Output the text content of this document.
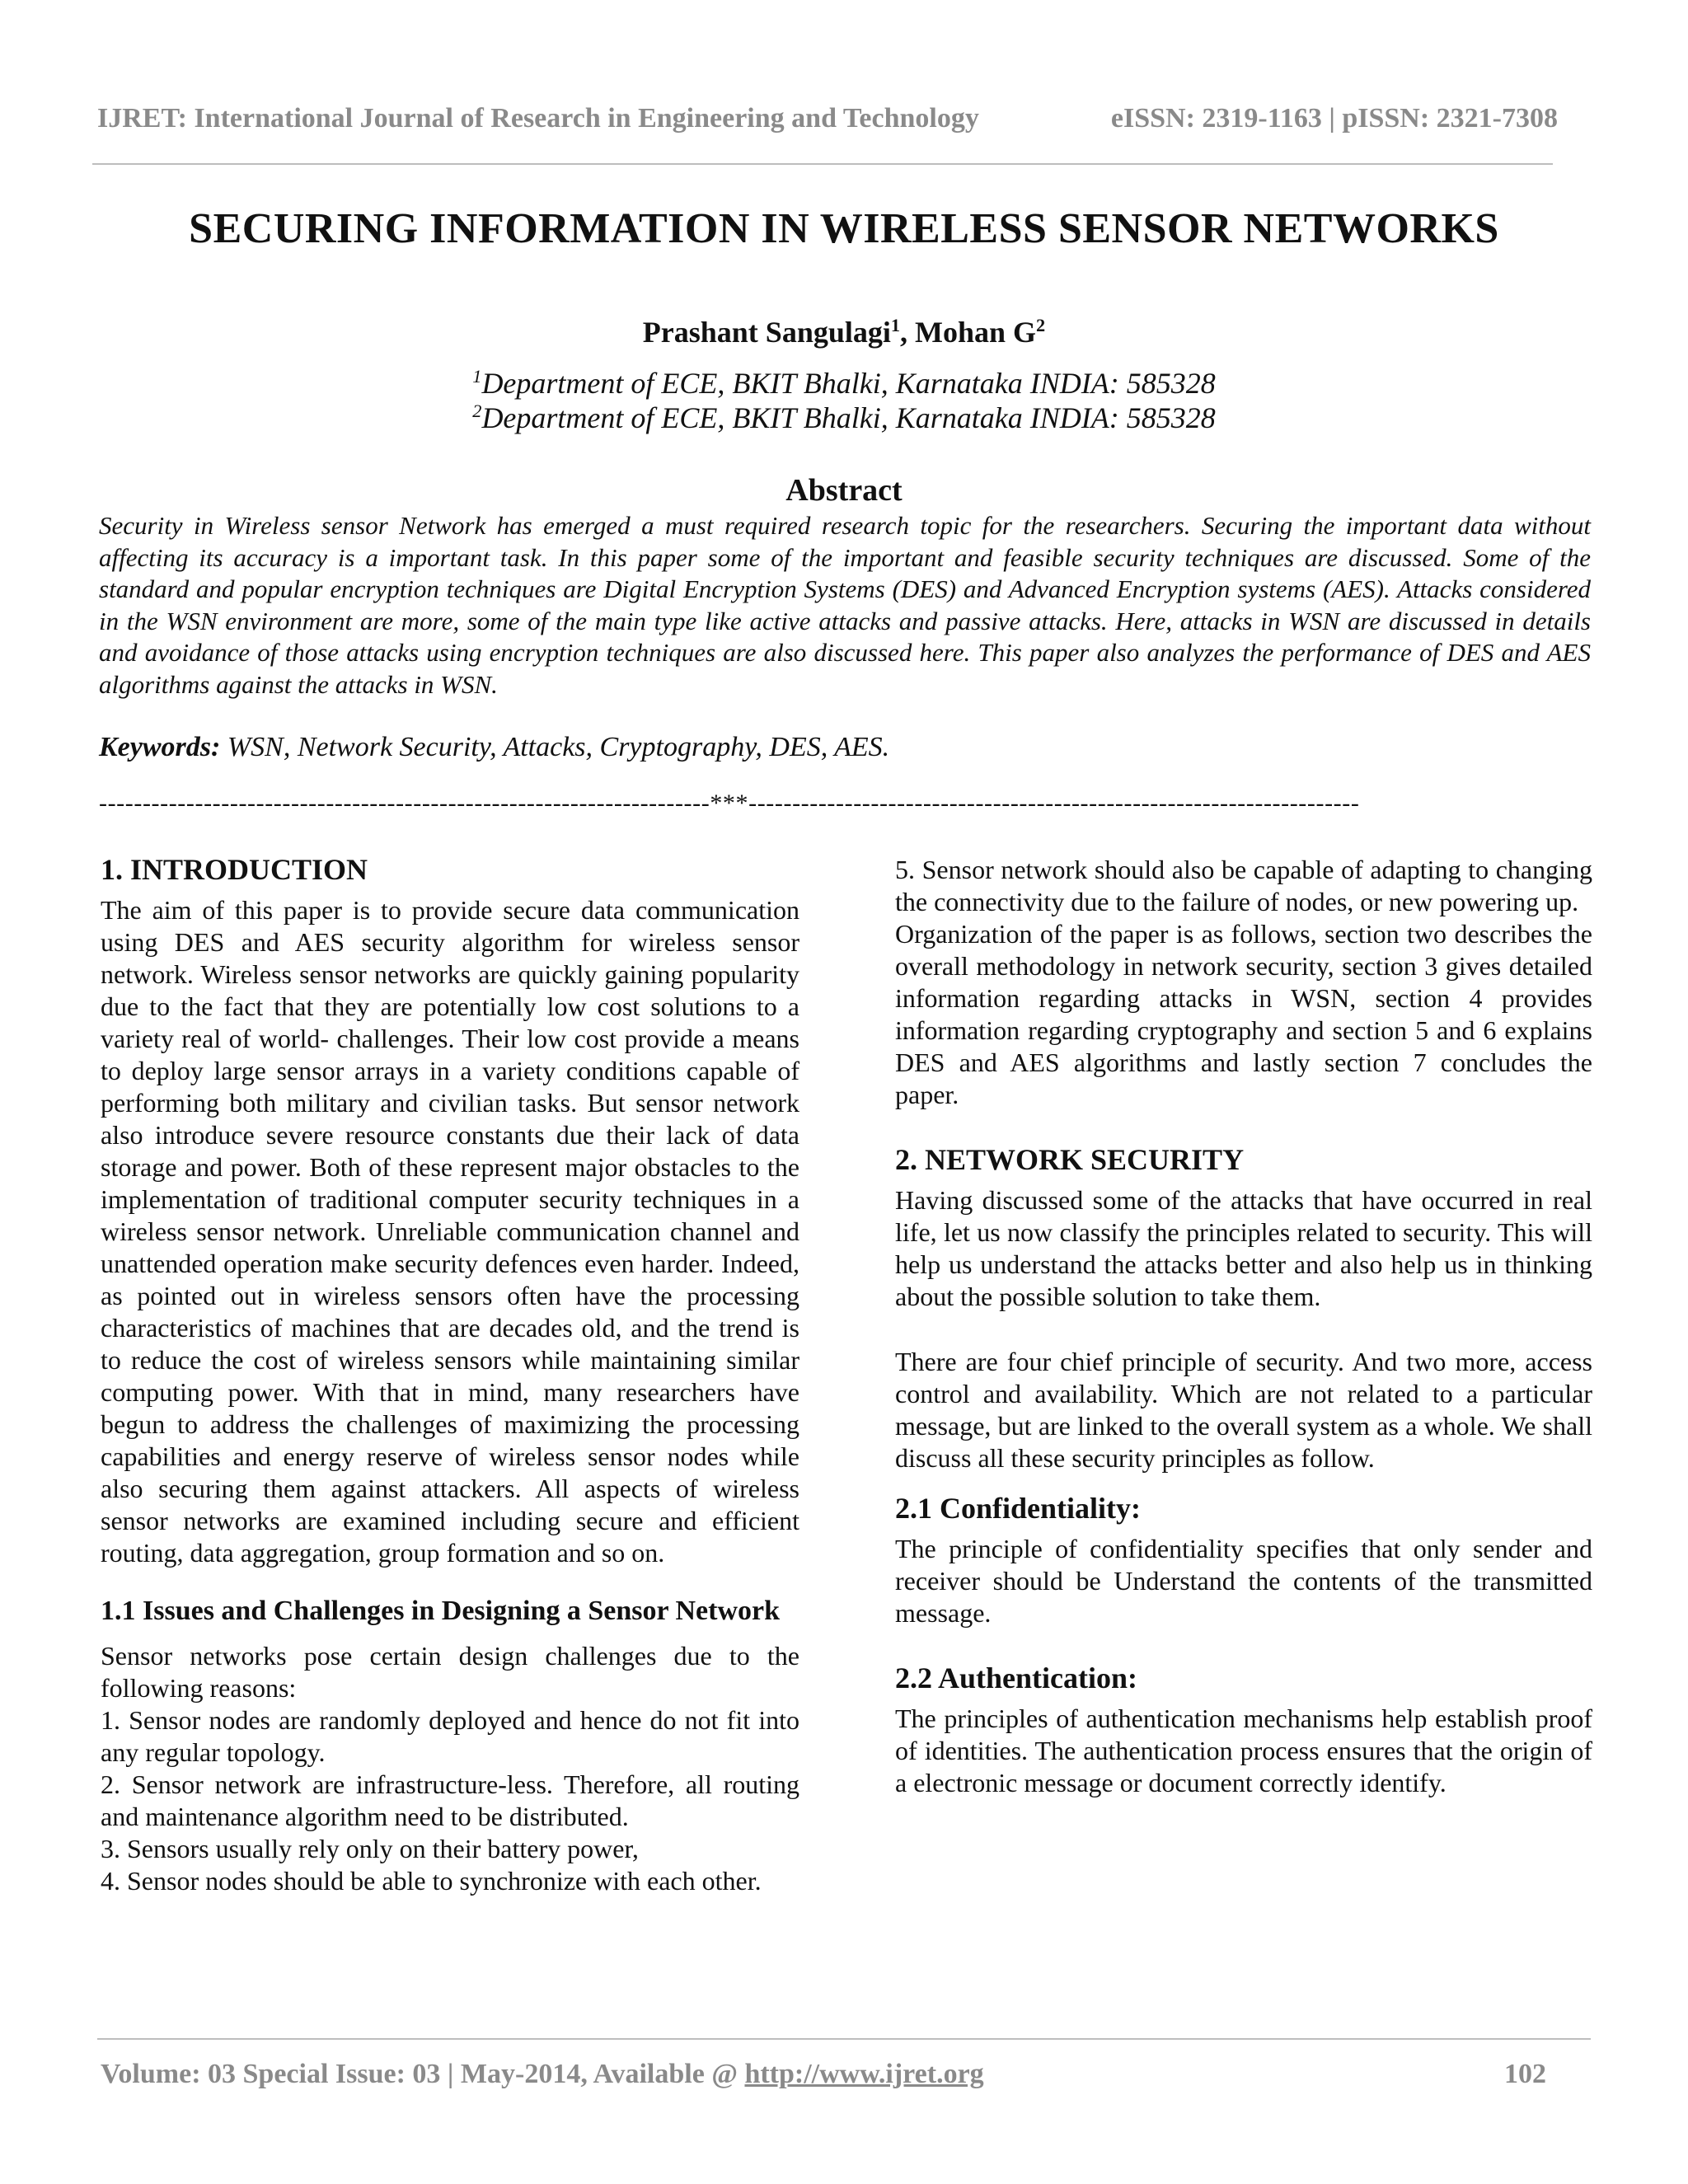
IJRET: International Journal of Research in Engineering and Technology	eISSN: 2319-1163 | pISSN: 2321-7308
SECURING INFORMATION IN WIRELESS SENSOR NETWORKS
Prashant Sangulagi$^1$, Mohan $G^2$
$^1$Department of ECE, BKIT Bhalki, Karnataka INDIA: 585328
$^2$Department of ECE, BKIT Bhalki, Karnataka INDIA: 585328
Abstract
Security in Wireless sensor Network has emerged a must required research topic for the researchers. Securing the important data without affecting its accuracy is a important task. In this paper some of the important and feasible security techniques are discussed. Some of the standard and popular encryption techniques are Digital Encryption Systems (DES) and Advanced Encryption systems (AES). Attacks considered in the WSN environment are more, some of the main type like active attacks and passive attacks. Here, attacks in WSN are discussed in details and avoidance of those attacks using encryption techniques are also discussed here. This paper also analyzes the performance of DES and AES algorithms against the attacks in WSN.
Keywords: WSN, Network Security, Attacks, Cryptography, DES, AES.
----------------------------------------------------------------------***----------------------------------------------------------------------
1. INTRODUCTION

The aim of this paper is to provide secure data communication using DES and AES security algorithm for wireless sensor network. Wireless sensor networks are quickly gaining popularity due to the fact that they are potentially low cost solutions to a variety real of world- challenges. Their low cost provide a means to deploy large sensor arrays in a variety conditions capable of performing both military and civilian tasks. But sensor network also introduce severe resource constants due their lack of data storage and power. Both of these represent major obstacles to the implementation of traditional computer security techniques in a wireless sensor network. Unreliable communication channel and unattended operation make security defences even harder. Indeed, as pointed out in wireless sensors often have the processing characteristics of machines that are decades old, and the trend is to reduce the cost of wireless sensors while maintaining similar computing power. With that in mind, many researchers have begun to address the challenges of maximizing the processing capabilities and energy reserve of wireless sensor nodes while also securing them against attackers. All aspects of wireless sensor networks are examined including secure and efficient routing, data aggregation, group formation and so on.

1.1 Issues and Challenges in Designing a Sensor Network

Sensor networks pose certain design challenges due to the following reasons:

1. Sensor nodes are randomly deployed and hence do not fit into any regular topology.

2. Sensor network are infrastructure-less. Therefore, all routing and maintenance algorithm need to be distributed.

3. Sensors usually rely only on their battery power,

4. Sensor nodes should be able to synchronize with each other.

5. Sensor network should also be capable of adapting to changing the connectivity due to the failure of nodes, or new powering up.

Organization of the paper is as follows, section two describes the overall methodology in network security, section 3 gives detailed information regarding attacks in WSN, section 4 provides information regarding cryptography and section 5 and 6 explains DES and AES algorithms and lastly section 7 concludes the paper.

2. NETWORK SECURITY

Having discussed some of the attacks that have occurred in real life, let us now classify the principles related to security. This will help us understand the attacks better and also help us in thinking about the possible solution to take them.

There are four chief principle of security. And two more, access control and availability. Which are not related to a particular message, but are linked to the overall system as a whole. We shall discuss all these security principles as follow.

2.1 Confidentiality:

The principle of confidentiality specifies that only sender and receiver should be Understand the contents of the transmitted message.

2.2 Authentication:

The principles of authentication mechanisms help establish proof of identities. The authentication process ensures that the origin of a electronic message or document correctly identify.

Volume: 03 Special Issue: 03 | May-2014, Available @ http://www.ijret.org	102
